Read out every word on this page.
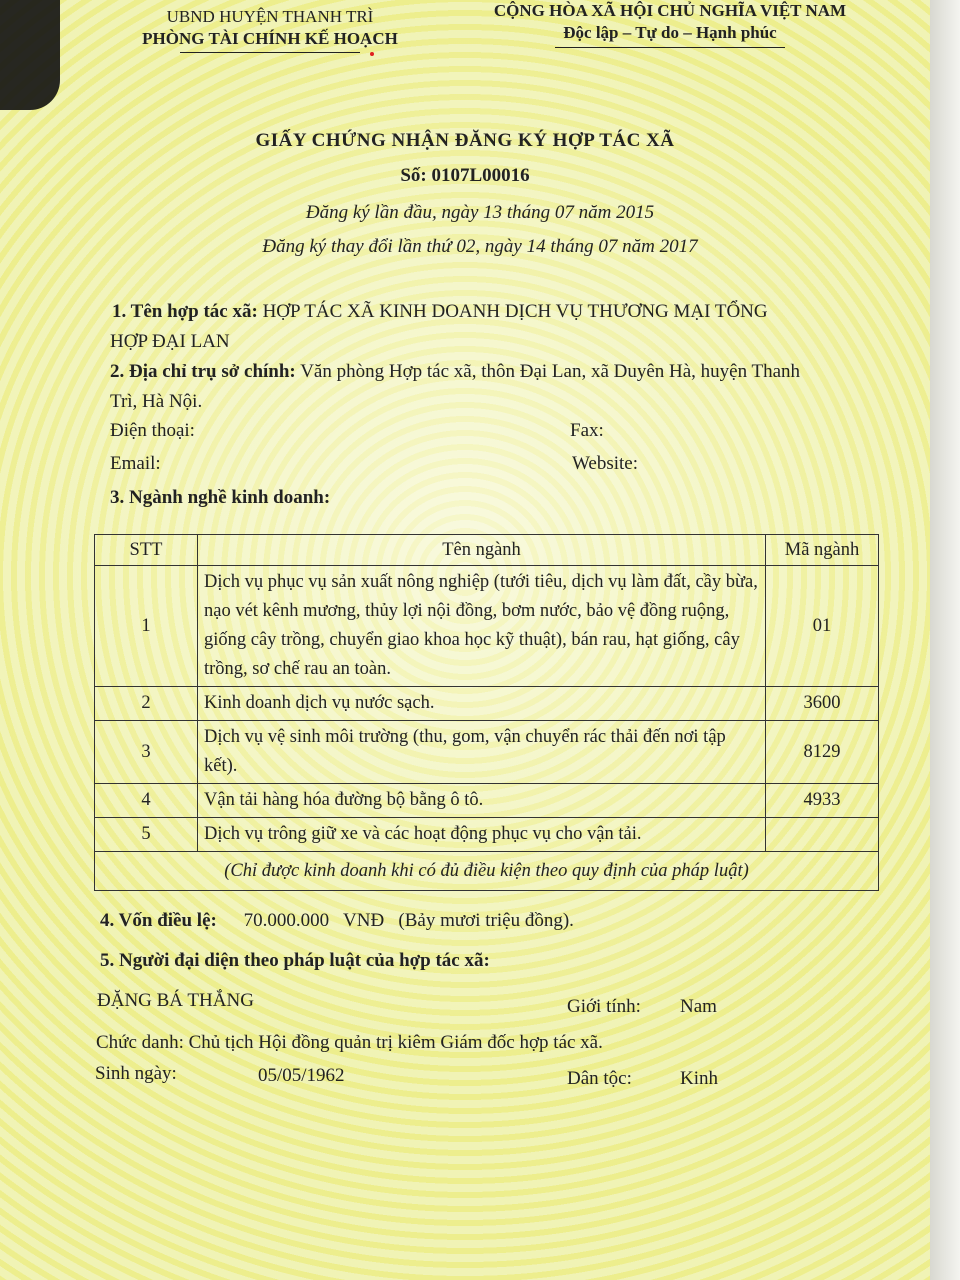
UBND HUYỆN THANH TRÌ
PHÒNG TÀI CHÍNH KẾ HOẠCH
CỘNG HÒA XÃ HỘI CHỦ NGHĨA VIỆT NAM
Độc lập – Tự do – Hạnh phúc
GIẤY CHỨNG NHẬN ĐĂNG KÝ HỢP TÁC XÃ
Số: 0107L00016
Đăng ký lần đầu, ngày 13 tháng 07 năm 2015
Đăng ký thay đổi lần thứ 02, ngày 14 tháng 07 năm 2017
1. Tên hợp tác xã: HỢP TÁC XÃ KINH DOANH DỊCH VỤ THƯƠNG MẠI TỔNG
HỢP ĐẠI LAN
2. Địa chỉ trụ sở chính: Văn phòng Hợp tác xã, thôn Đại Lan, xã Duyên Hà, huyện Thanh
Trì, Hà Nội.
Điện thoại:	Fax:
Email:	Website:
3. Ngành nghề kinh doanh:
STT	Tên ngành	Mã ngành
1	Dịch vụ phục vụ sản xuất nông nghiệp (tưới tiêu, dịch vụ làm đất, cầy bừa, nạo vét kênh mương, thủy lợi nội đồng, bơm nước, bảo vệ đồng ruộng, giống cây trồng, chuyển giao khoa học kỹ thuật), bán rau, hạt giống, cây trồng, sơ chế rau an toàn.	01
2	Kinh doanh dịch vụ nước sạch.	3600
3	Dịch vụ vệ sinh môi trường (thu, gom, vận chuyển rác thải đến nơi tập kết).	8129
4	Vận tải hàng hóa đường bộ bằng ô tô.	4933
5	Dịch vụ trông giữ xe và các hoạt động phục vụ cho vận tải.	
(Chỉ được kinh doanh khi có đủ điều kiện theo quy định của pháp luật)		
4. Vốn điều lệ: 70.000.000   VNĐ   (Bảy mươi triệu đồng).
5. Người đại diện theo pháp luật của hợp tác xã:
ĐẶNG BÁ THẮNG	Giới tính: Nam
Chức danh: Chủ tịch Hội đồng quản trị kiêm Giám đốc hợp tác xã.
Sinh ngày:	05/05/1962	Dân tộc:	Kinh
